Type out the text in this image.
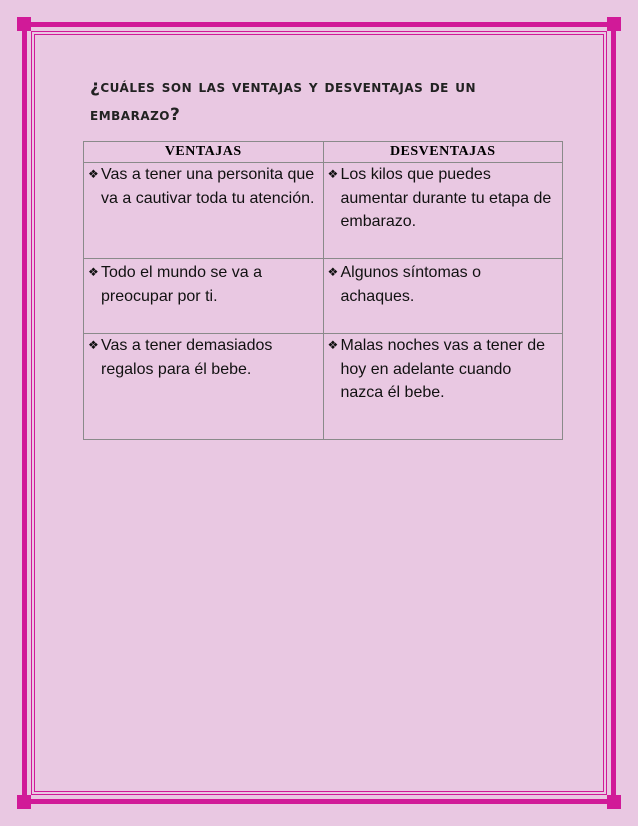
¿cuáles son las ventajas y desventajas de un embarazo?
VENTAJAS	DESVENTAJAS

❖ Vas a tener una personita que va a cautivar toda tu atención.	❖ Los kilos que puedes aumentar durante tu etapa de embarazo.

❖ Todo el mundo se va a preocupar por ti.	❖ Algunos síntomas o achaques.

❖ Vas a tener demasiados regalos para él bebe.	❖ Malas noches vas a tener de hoy en adelante cuando nazca él bebe.
